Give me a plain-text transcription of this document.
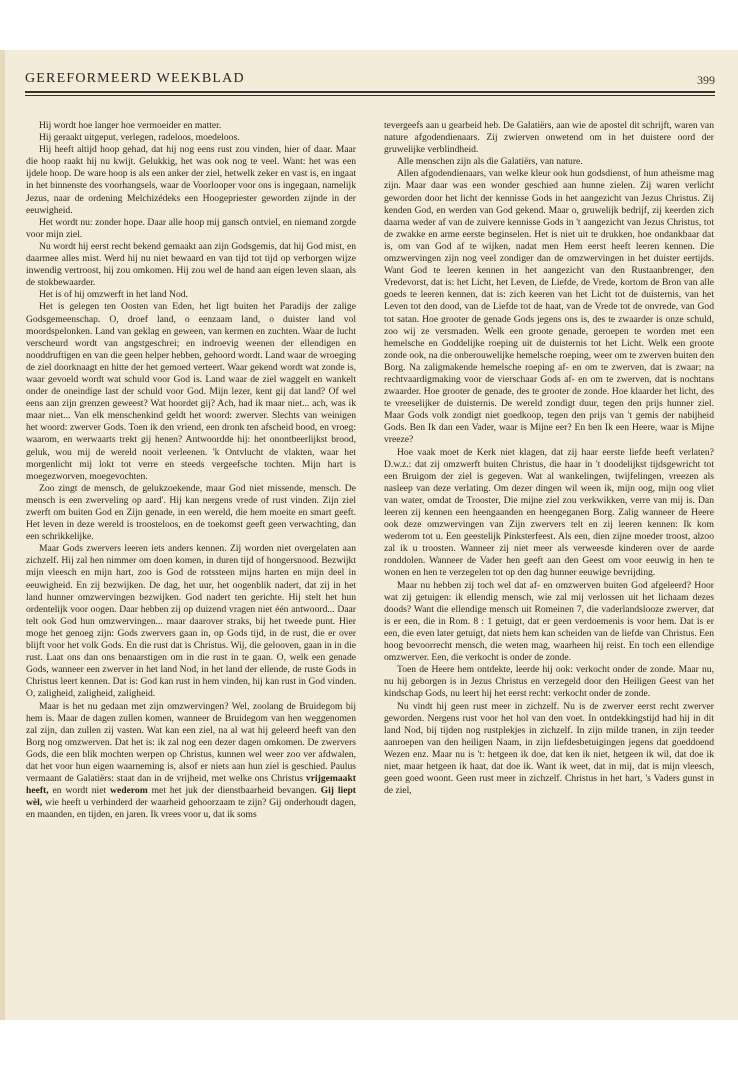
GEREFORMEERD WEEKBLAD	399

Hij wordt hoe langer hoe vermoeider en matter.

Hij geraakt uitgeput, verlegen, radeloos, moedeloos.

Hij heeft altijd hoop gehad, dat hij nog eens rust zou vinden, hier of daar. Maar die hoop raakt hij nu kwijt. Gelukkig, het was ook nog te veel. Want: het was een ijdele hoop. De ware hoop is als een anker der ziel, hetwelk zeker en vast is, en ingaat in het binnenste des voorhangsels, waar de Voorlooper voor ons is ingegaan, namelijk Jezus, naar de ordening Melchizédeks een Hoogepriester geworden zijnde in der eeuwigheid.

Het wordt nu: zonder hope. Daar alle hoop mij gansch ontviel, en niemand zorgde voor mijn ziel.

Nu wordt hij eerst recht bekend gemaakt aan zijn Godsgemis, dat hij God mist, en daarmee alles mist. Werd hij nu niet bewaard en van tijd tot tijd op verborgen wijze inwendig vertroost, hij zou omkomen. Hij zou wel de hand aan eigen leven slaan, als de stokbewaarder.

Het is of hij omzwerft in het land Nod.

Het is gelegen ten Oosten van Eden, het ligt buiten het Paradijs der zalige Godsgemeenschap. O, droef land, o eenzaam land, o duister land vol moordspelonken. Land van geklag en geween, van kermen en zuchten. Waar de lucht verscheurd wordt van angstgeschrei; en indroevig weenen der ellendigen en nooddruftigen en van die geen helper hebben, gehoord wordt. Land waar de wroeging de ziel doorknaagt en hitte der het gemoed verteert. Waar gekend wordt wat zonde is, waar gevoeld wordt wat schuld voor God is. Land waar de ziel waggelt en wankelt onder de oneindige last der schuld voor God. Mijn lezer, kent gij dat land? Of wel eens aan zijn grenzen geweest? Wat hoordet gij? Ach, had ik maar niet... ach, was ik maar niet... Van elk menschenkind geldt het woord: zwerver. Slechts van weinigen het woord: zwerver Gods. Toen ik den vriend, een dronk ten afscheid bood, en vroeg: waarom, en werwaarts trekt gij henen? Antwoordde hij: het onontbeerlijkst brood, geluk, wou mij de wereld nooit verleenen. 'k Ontvlucht de vlakten, waar het morgenlicht mij lokt tot verre en steeds vergeefsche tochten. Mijn hart is moegezworven, moegevochten.

Zoo zingt de mensch, de gelukzoekende, maar God niet missende, mensch. De mensch is een zwerveling op aard'. Hij kan nergens vrede of rust vinden. Zijn ziel zwerft om buiten God en Zijn genade, in een wereld, die hem moeite en smart geeft. Het leven in deze wereld is troosteloos, en de toekomst geeft geen verwachting, dan een schrikkelijke.

Maar Gods zwervers leeren iets anders kennen. Zij worden niet overgelaten aan zichzelf. Hij zal hen nimmer om doen komen, in duren tijd of hongersnood. Bezwijkt mijn vleesch en mijn hart, zoo is God de rotssteen mijns harten en mijn deel in eeuwigheid. En zij bezwijken. De dag, het uur, het oogenblik nadert, dat zij in het land hunner omzwervingen bezwijken. God nadert ten gerichte. Hij stelt het hun ordentelijk voor oogen. Daar hebben zij op duizend vragen niet één antwoord... Daar telt ook God hun omzwervingen... maar daarover straks, bij het tweede punt. Hier moge het genoeg zijn: Gods zwervers gaan in, op Gods tijd, in de rust, die er over blijft voor het volk Gods. En die rust dat is Christus. Wij, die gelooven, gaan in in die rust. Laat ons dan ons benaarstigen om in die rust in te gaan. O, welk een genade Gods, wanneer een zwerver in het land Nod, in het land der ellende, de ruste Gods in Christus leert kennen. Dat is: God kan rust in hem vinden, hij kan rust in God vinden. O, zaligheid, zaligheid, zaligheid.

Maar is het nu gedaan met zijn omzwervingen? Wel, zoolang de Bruidegom bij hem is. Maar de dagen zullen komen, wanneer de Bruidegom van hen weggenomen zal zijn, dan zullen zij vasten. Wat kan een ziel, na al wat hij geleerd heeft van den Borg nog omzwerven. Dat het is: ik zal nog een dezer dagen omkomen. De zwervers Gods, die een blik mochten werpen op Christus, kunnen wel weer zoo ver afdwalen, dat het voor hun eigen waarneming is, alsof er niets aan hun ziel is geschied. Paulus vermaant de Galatiërs: staat dan in de vrijheid, met welke ons Christus vrijgemaakt heeft, en wordt niet wederom met het juk der dienstbaarheid bevangen. Gij liept wèl, wie heeft u verhinderd der waarheid gehoorzaam te zijn? Gij onderhoudt dagen, en maanden, en tijden, en jaren. Ik vrees voor u, dat ik soms

tevergeefs aan u gearbeid heb. De Galatiërs, aan wie de apostel dit schrijft, waren van nature afgodendienaars. Zij zwierven onwetend om in het duistere oord der gruwelijke verblindheid.

Alle menschen zijn als die Galatiërs, van nature.

Allen afgodendienaars, van welke kleur ook hun godsdienst, of hun atheïsme mag zijn. Maar daar was een wonder geschied aan hunne zielen. Zij waren verlicht geworden door het licht der kennisse Gods in het aangezicht van Jezus Christus. Zij kenden God, en werden van God gekend. Maar o, gruwelijk bedrijf, zij keerden zich daarna weder af van de zuivere kennisse Gods in 't aangezicht van Jezus Christus, tot de zwakke en arme eerste beginselen. Het is niet uit te drukken, hoe ondankbaar dat is, om van God af te wijken, nadat men Hem eerst heeft leeren kennen. Die omzwervingen zijn nog veel zondiger dan de omzwervingen in het duister eertijds. Want God te leeren kennen in het aangezicht van den Rustaanbrenger, den Vredevorst, dat is: het Licht, het Leven, de Liefde, de Vrede, kortom de Bron van alle goeds te leeren kennen, dat is: zich keeren van het Licht tot de duisternis, van het Leven tot den dood, van de Liefde tot de haat, van de Vrede tot de onvrede, van God tot satan. Hoe grooter de genade Gods jegens ons is, des te zwaarder is onze schuld, zoo wij ze versmaden. Welk een groote genade, geroepen te worden met een hemelsche en Goddelijke roeping uit de duisternis tot het Licht. Welk een groote zonde ook, na die onberouwelijke hemelsche roeping, weer om te zwerven buiten den Borg. Na zaligmakende hemelsche roeping af- en om te zwerven, dat is zwaar; na rechtvaardigmaking voor de vierschaar Gods af- en om te zwerven, dat is nochtans zwaarder. Hoe grooter de genade, des te grooter de zonde. Hoe klaarder het licht, des te vreeselijker de duisternis. De wereld zondigt duur, tegen den prijs hunner ziel. Maar Gods volk zondigt niet goedkoop, tegen den prijs van 't gemis der nabijheid Gods. Ben Ik dan een Vader, waar is Mijne eer? En ben Ik een Heere, waar is Mijne vreeze?

Hoe vaak moet de Kerk niet klagen, dat zij haar eerste liefde heeft verlaten? D.w.z.: dat zij omzwerft buiten Christus, die haar in 't doodelijkst tijdsgewricht tot een Bruigom der ziel is gegeven. Wat al wankelingen, twijfelingen, vreezen als nasleep van deze verlating. Om dezer dingen wil ween ik, mijn oog, mijn oog vliet van water, omdat de Trooster, Die mijne ziel zou verkwikken, verre van mij is. Dan leeren zij kennen een heengaanden en heengeganen Borg. Zalig wanneer de Heere ook deze omzwervingen van Zijn zwervers telt en zij leeren kennen: Ik kom wederom tot u. Een geestelijk Pinksterfeest. Als een, dien zijne moeder troost, alzoo zal ik u troosten. Wanneer zij niet meer als verweesde kinderen over de aarde ronddolen. Wanneer de Vader hen geeft aan den Geest om voor eeuwig in hen te wonen en hen te verzegelen tot op den dag hunner eeuwige bevrijding.

Maar nu hebben zij toch wel dat af- en omzwerven buiten God afgeleerd? Hoor wat zij getuigen: ik ellendig mensch, wie zal mij verlossen uit het lichaam dezes doods? Want die ellendige mensch uit Romeinen 7, die vaderlandslooze zwerver, dat is er een, die in Rom. 8 : 1 getuigt, dat er geen verdoemenis is voor hem. Dat is er een, die even later getuigt, dat niets hem kan scheiden van de liefde van Christus. Een hoog bevoorrecht mensch, die weten mag, waarheen hij reist. En toch een ellendige omzwerver. Een, die verkocht is onder de zonde.

Toen de Heere hem ontdekte, leerde hij ook: verkocht onder de zonde. Maar nu, nu hij geborgen is in Jezus Christus en verzegeld door den Heiligen Geest van het kindschap Gods, nu leert hij het eerst recht: verkocht onder de zonde.

Nu vindt hij geen rust meer in zichzelf. Nu is de zwerver eerst recht zwerver geworden. Nergens rust voor het hol van den voet. In ontdekkingstijd had hij in dit land Nod, bij tijden nog rustplekjes in zichzelf. In zijn milde tranen, in zijn teeder aanroepen van den heiligen Naam, in zijn liefdesbetuigingen jegens dat goeddoend Wezen enz. Maar nu is 't: hetgeen ik doe, dat ken ik niet, hetgeen ik wil, dat doe ik niet, maar hetgeen ik haat, dat doe ik. Want ik weet, dat in mij, dat is mijn vleesch, geen goed woont. Geen rust meer in zichzelf. Christus in het hart, 's Vaders gunst in de ziel,
